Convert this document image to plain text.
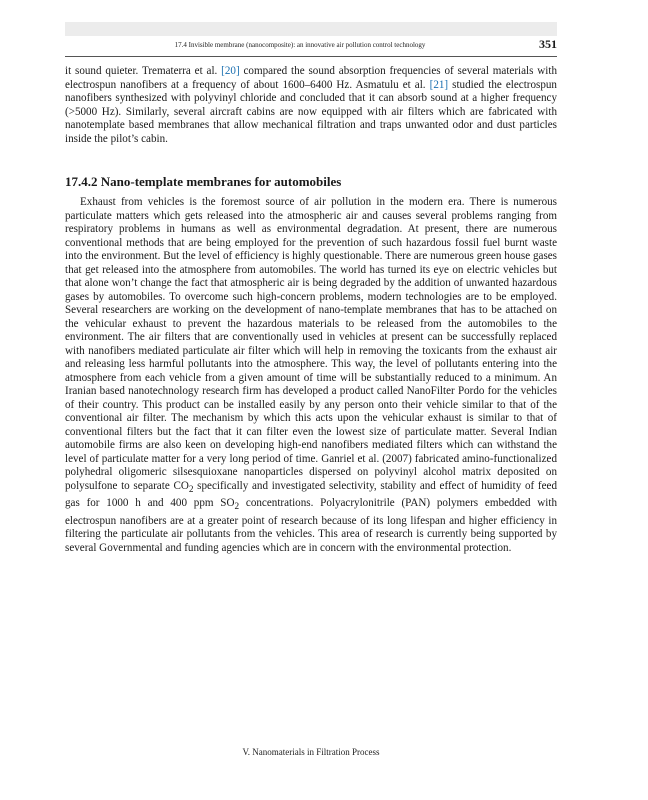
17.4 Invisible membrane (nanocomposite): an innovative air pollution control technology	351

it sound quieter. Trematerra et al. [20] compared the sound absorption frequencies of several materials with electrospun nanofibers at a frequency of about 1600–6400 Hz. Asmatulu et al. [21] studied the electrospun nanofibers synthesized with polyvinyl chloride and concluded that it can absorb sound at a higher frequency (>5000 Hz). Similarly, several aircraft cabins are now equipped with air filters which are fabricated with nanotemplate based membranes that allow mechanical filtration and traps unwanted odor and dust particles inside the pilot’s cabin.

17.4.2 Nano-template membranes for automobiles

Exhaust from vehicles is the foremost source of air pollution in the modern era. There is numerous particulate matters which gets released into the atmospheric air and causes several problems ranging from respiratory problems in humans as well as environmental degradation. At present, there are numerous conventional methods that are being employed for the prevention of such hazardous fossil fuel burnt waste into the environment. But the level of efficiency is highly questionable. There are numerous green house gases that get released into the atmosphere from automobiles. The world has turned its eye on electric vehicles but that alone won’t change the fact that atmospheric air is being degraded by the addition of unwanted hazardous gases by automobiles. To overcome such high-concern problems, modern technologies are to be employed. Several researchers are working on the development of nano-template membranes that has to be attached on the vehicular exhaust to prevent the hazardous materials to be released from the automobiles to the environment. The air filters that are conventionally used in vehicles at present can be successfully replaced with nanofibers mediated particulate air filter which will help in removing the toxicants from the exhaust air and releasing less harmful pollutants into the atmosphere. This way, the level of pollutants entering into the atmosphere from each vehicle from a given amount of time will be substantially reduced to a minimum. An Iranian based nanotechnology research firm has developed a product called NanoFilter Pordo for the vehicles of their country. This product can be installed easily by any person onto their vehicle similar to that of the conventional air filter. The mechanism by which this acts upon the vehicular exhaust is similar to that of conventional filters but the fact that it can filter even the lowest size of particulate matter. Several Indian automobile firms are also keen on developing high-end nanofibers mediated filters which can withstand the level of particulate matter for a very long period of time. Ganriel et al. (2007) fabricated amino-functionalized polyhedral oligomeric silsesquioxane nanoparticles dispersed on polyvinyl alcohol matrix deposited on polysulfone to separate $CO_2$ specifically and investigated selectivity, stability and effect of humidity of feed gas for 1000 h and 400 ppm $SO_2$ concentrations. Polyacrylonitrile (PAN) polymers embedded with electrospun nanofibers are at a greater point of research because of its long lifespan and higher efficiency in filtering the particulate air pollutants from the vehicles. This area of research is currently being supported by several Governmental and funding agencies which are in concern with the environmental protection.

V. Nanomaterials in Filtration Process
